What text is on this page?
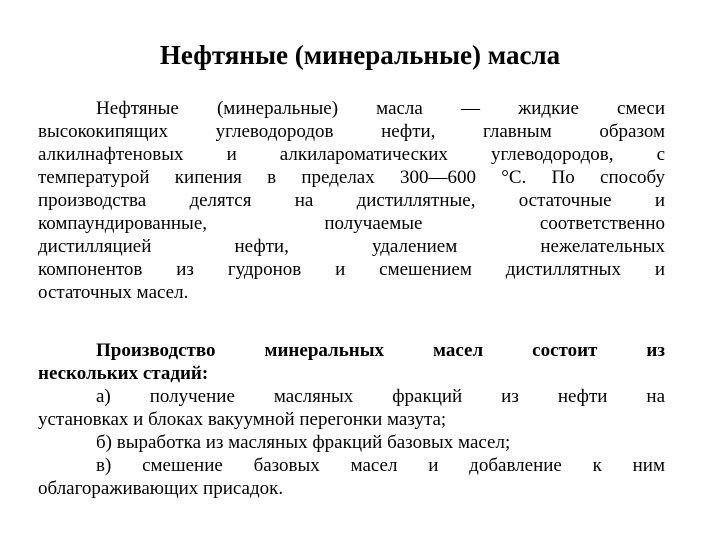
Нефтяные (минеральные) масла
Нефтяные (минеральные) масла — жидкие смеси
высококипящих углеводородов нефти, главным образом
алкилнафтеновых и алкилароматических углеводородов, с
температурой кипения в пределах 300—600 °С. По способу
производства делятся на дистиллятные, остаточные и
компаундированные, получаемые соответственно
дистилляцией нефти, удалением нежелательных
компонентов из гудронов и смешением дистиллятных и
остаточных масел.
Производство минеральных масел состоит из
нескольких стадий:
а) получение масляных фракций из нефти на
установках и блоках вакуумной перегонки мазута;
б) выработка из масляных фракций базовых масел;
в) смешение базовых масел и добавление к ним
облагораживающих присадок.
